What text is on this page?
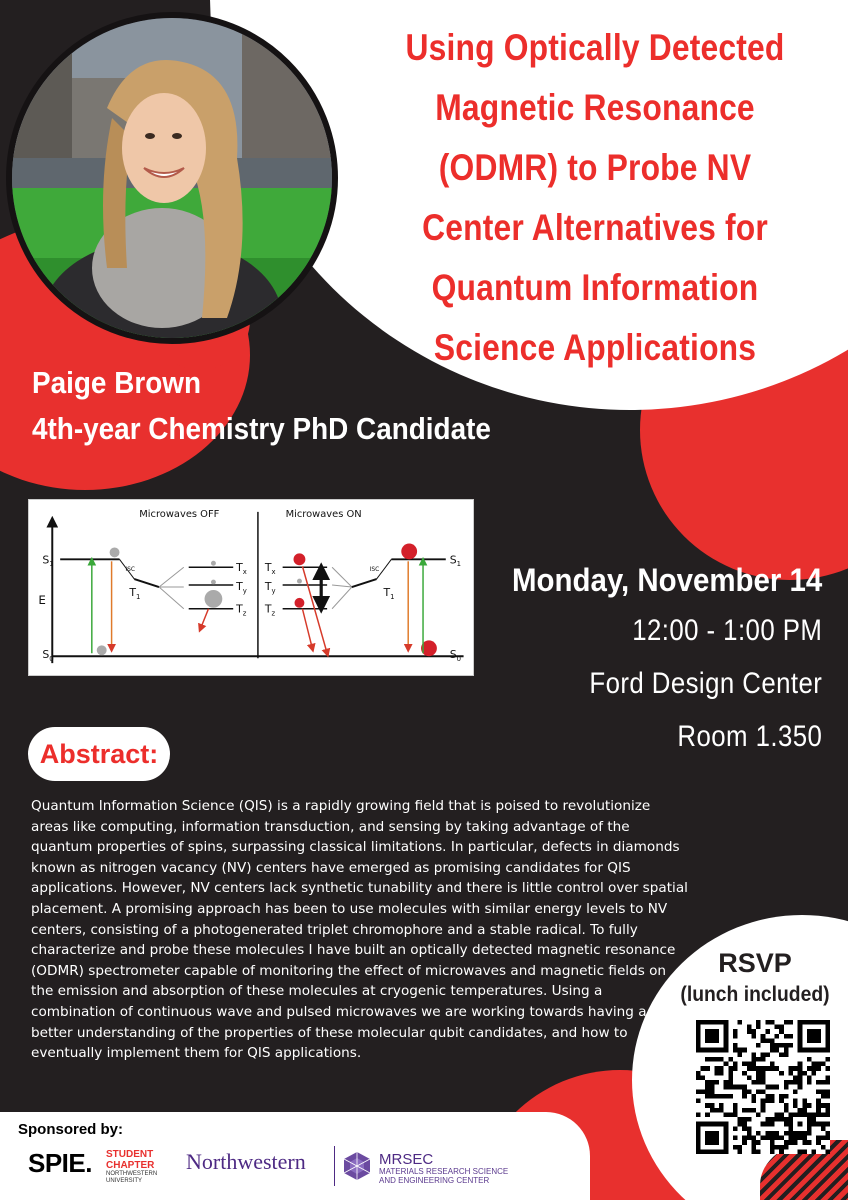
Using Optically Detected Magnetic Resonance (ODMR) to Probe NV Center Alternatives for Quantum Information Science Applications
Paige Brown
4th-year Chemistry PhD Candidate
Microwaves OFF	Microwaves ON
E
$S_1$
$S_0$
ISC
$T_1$
$T_x$
$T_y$
$T_z$
$T_x$
$T_y$
$T_z$
ISC
$T_1$
$S_1$
$S_0$
Monday, November 14
12:00 - 1:00 PM
Ford Design Center
Room 1.350
Abstract:
Quantum Information Science (QIS) is a rapidly growing field that is poised to revolutionize areas like computing, information transduction, and sensing by taking advantage of the quantum properties of spins, surpassing classical limitations. In particular, defects in diamonds known as nitrogen vacancy (NV) centers have emerged as promising candidates for QIS applications. However, NV centers lack synthetic tunability and there is little control over spatial placement. A promising approach has been to use molecules with similar energy levels to NV centers, consisting of a photogenerated triplet chromophore and a stable radical. To fully characterize and probe these molecules I have built an optically detected magnetic resonance (ODMR) spectrometer capable of monitoring the effect of microwaves and magnetic fields on the emission and absorption of these molecules at cryogenic temperatures. Using a combination of continuous wave and pulsed microwaves we are working towards having a better understanding of the properties of these molecular qubit candidates, and how to eventually implement them for QIS applications.
RSVP
(lunch included)
Sponsored by:
SPIE. STUDENT
CHAPTER
NORTHWESTERN
UNIVERSITY
Northwestern	MRSEC
MATERIALS RESEARCH SCIENCE
AND ENGINEERING CENTER
